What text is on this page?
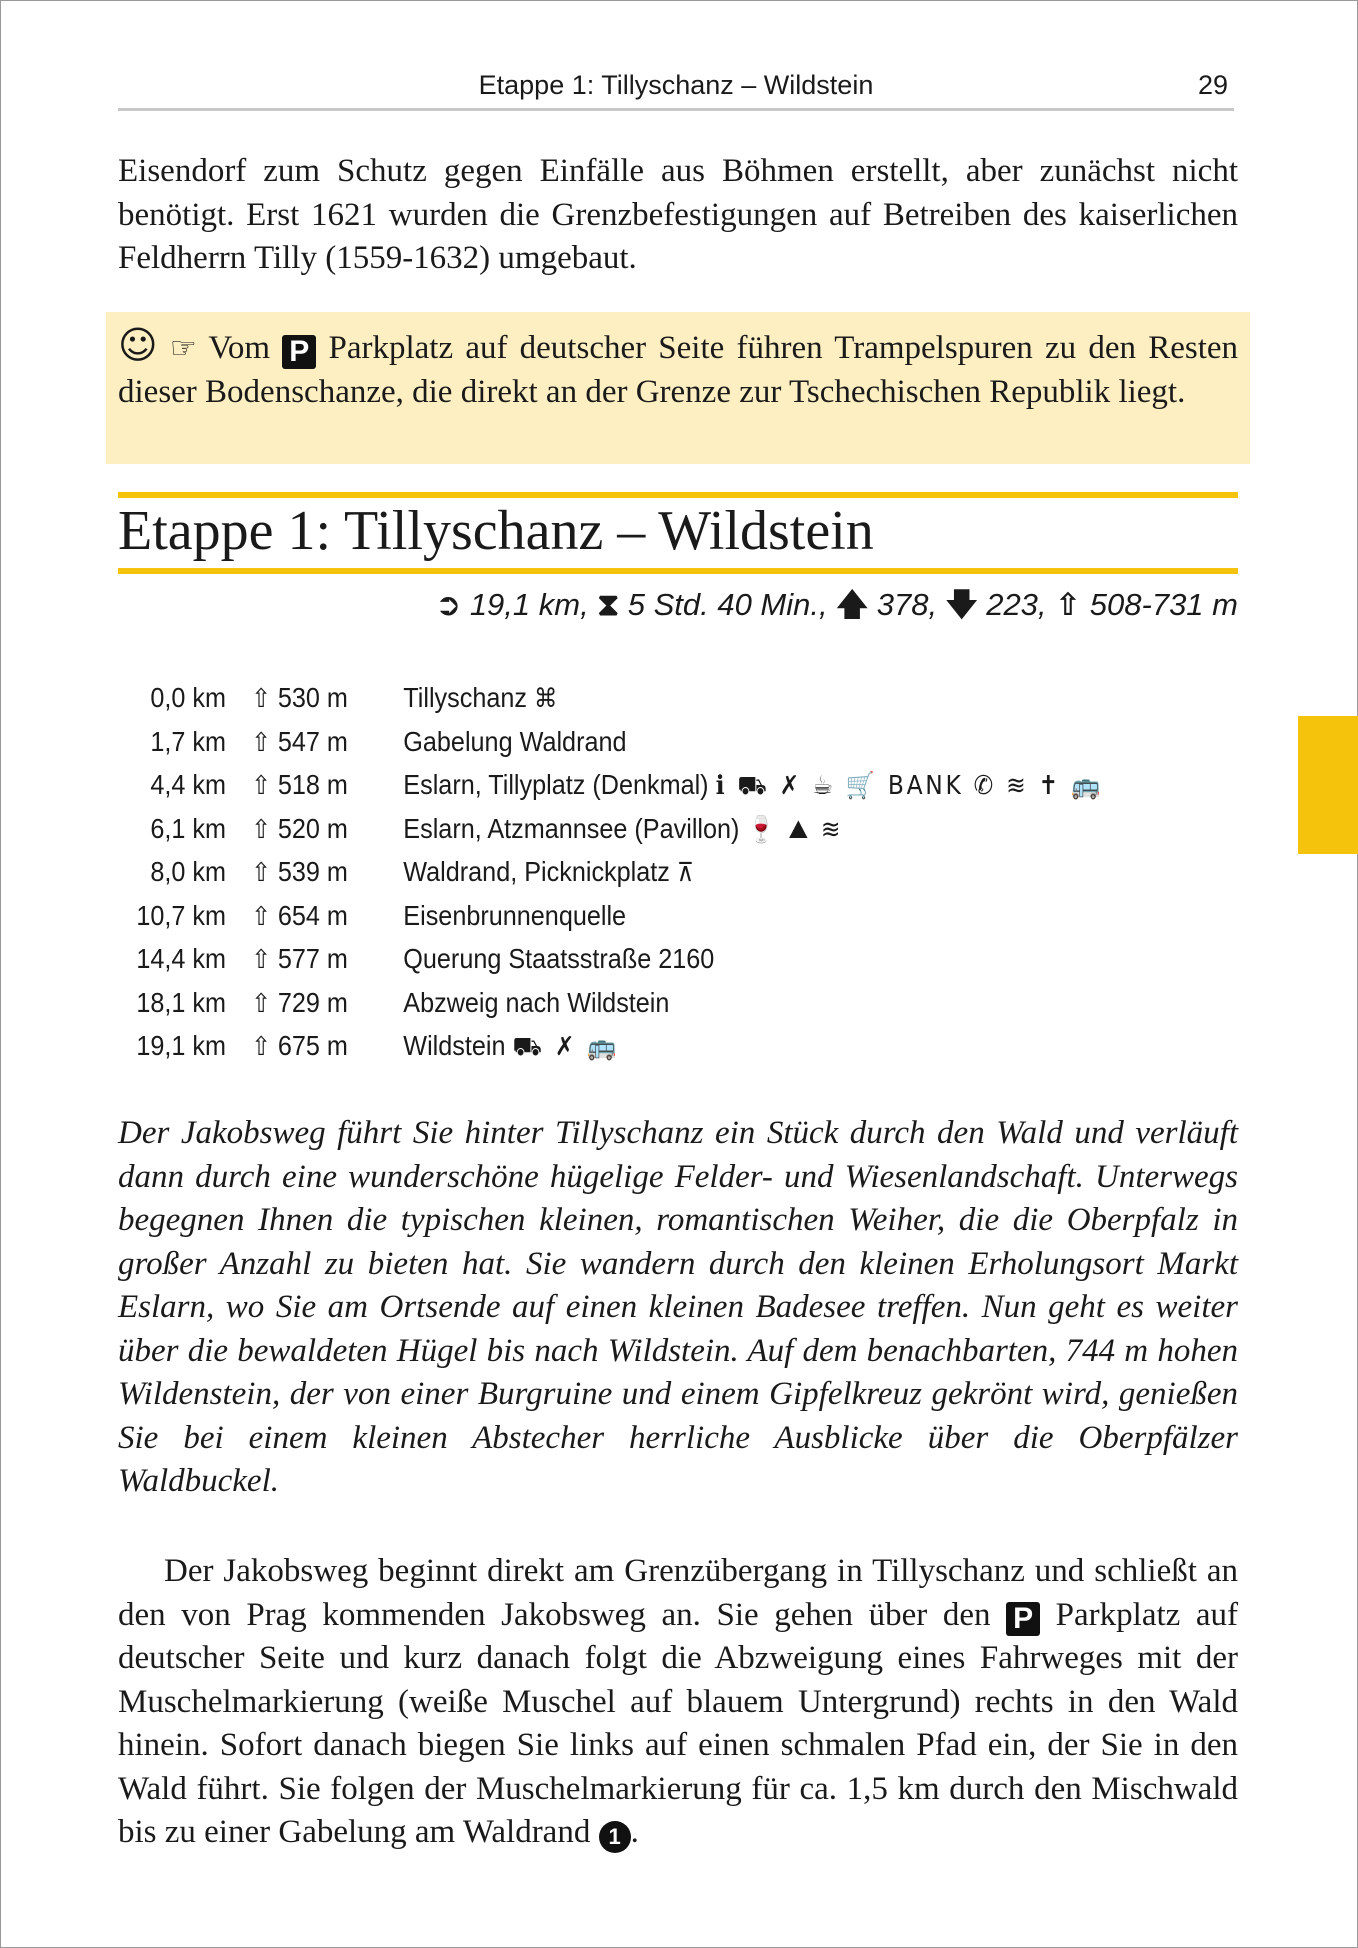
Etappe 1: Tillyschanz – Wildstein	29

Eisendorf zum Schutz gegen Einfälle aus Böhmen erstellt, aber zunächst nicht benötigt. Erst 1621 wurden die Grenzbefestigungen auf Betreiben des kaiserlichen Feldherrn Tilly (1559-1632) umgebaut.

☺ ☞ Vom P Parkplatz auf deutscher Seite führen Trampelspuren zu den Resten dieser Bodenschanze, die direkt an der Grenze zur Tschechischen Republik liegt.

Etappe 1: Tillyschanz – Wildstein
➲ 19,1 km, ⧗ 5 Std. 40 Min., 🡅 378, 🡇 223, ⇧ 508-731 m
0,0 km ⇧ 530 m Tillyschanz ⌘
1,7 km ⇧ 547 m Gabelung Waldrand
4,4 km ⇧ 518 m Eslarn, Tillyplatz (Denkmal) ℹ ⛟ ✗ ☕ 🛒 BANK ✆ ≋ ✝ 🚌
6,1 km ⇧ 520 m Eslarn, Atzmannsee (Pavillon) 🍷 ⛰ ≋
8,0 km ⇧ 539 m Waldrand, Picknickplatz ⊼
10,7 km ⇧ 654 m Eisenbrunnenquelle
14,4 km ⇧ 577 m Querung Staatsstraße 2160
18,1 km ⇧ 729 m Abzweig nach Wildstein
19,1 km ⇧ 675 m Wildstein ⛟ ✗ 🚌

Der Jakobsweg führt Sie hinter Tillyschanz ein Stück durch den Wald und verläuft dann durch eine wunderschöne hügelige Felder- und Wiesenlandschaft. Unterwegs begegnen Ihnen die typischen kleinen, romantischen Weiher, die die Oberpfalz in großer Anzahl zu bieten hat. Sie wandern durch den kleinen Erholungsort Markt Eslarn, wo Sie am Ortsende auf einen kleinen Badesee treffen. Nun geht es weiter über die bewaldeten Hügel bis nach Wildstein. Auf dem benachbarten, 744 m hohen Wildenstein, der von einer Burgruine und einem Gipfelkreuz gekrönt wird, genießen Sie bei einem kleinen Abstecher herrliche Ausblicke über die Oberpfälzer Waldbuckel.

Der Jakobsweg beginnt direkt am Grenzübergang in Tillyschanz und schließt an den von Prag kommenden Jakobsweg an. Sie gehen über den P Parkplatz auf deutscher Seite und kurz danach folgt die Abzweigung eines Fahrweges mit der Muschelmarkierung (weiße Muschel auf blauem Untergrund) rechts in den Wald hinein. Sofort danach biegen Sie links auf einen schmalen Pfad ein, der Sie in den Wald führt. Sie folgen der Muschelmarkierung für ca. 1,5 km durch den Mischwald bis zu einer Gabelung am Waldrand 1 .
